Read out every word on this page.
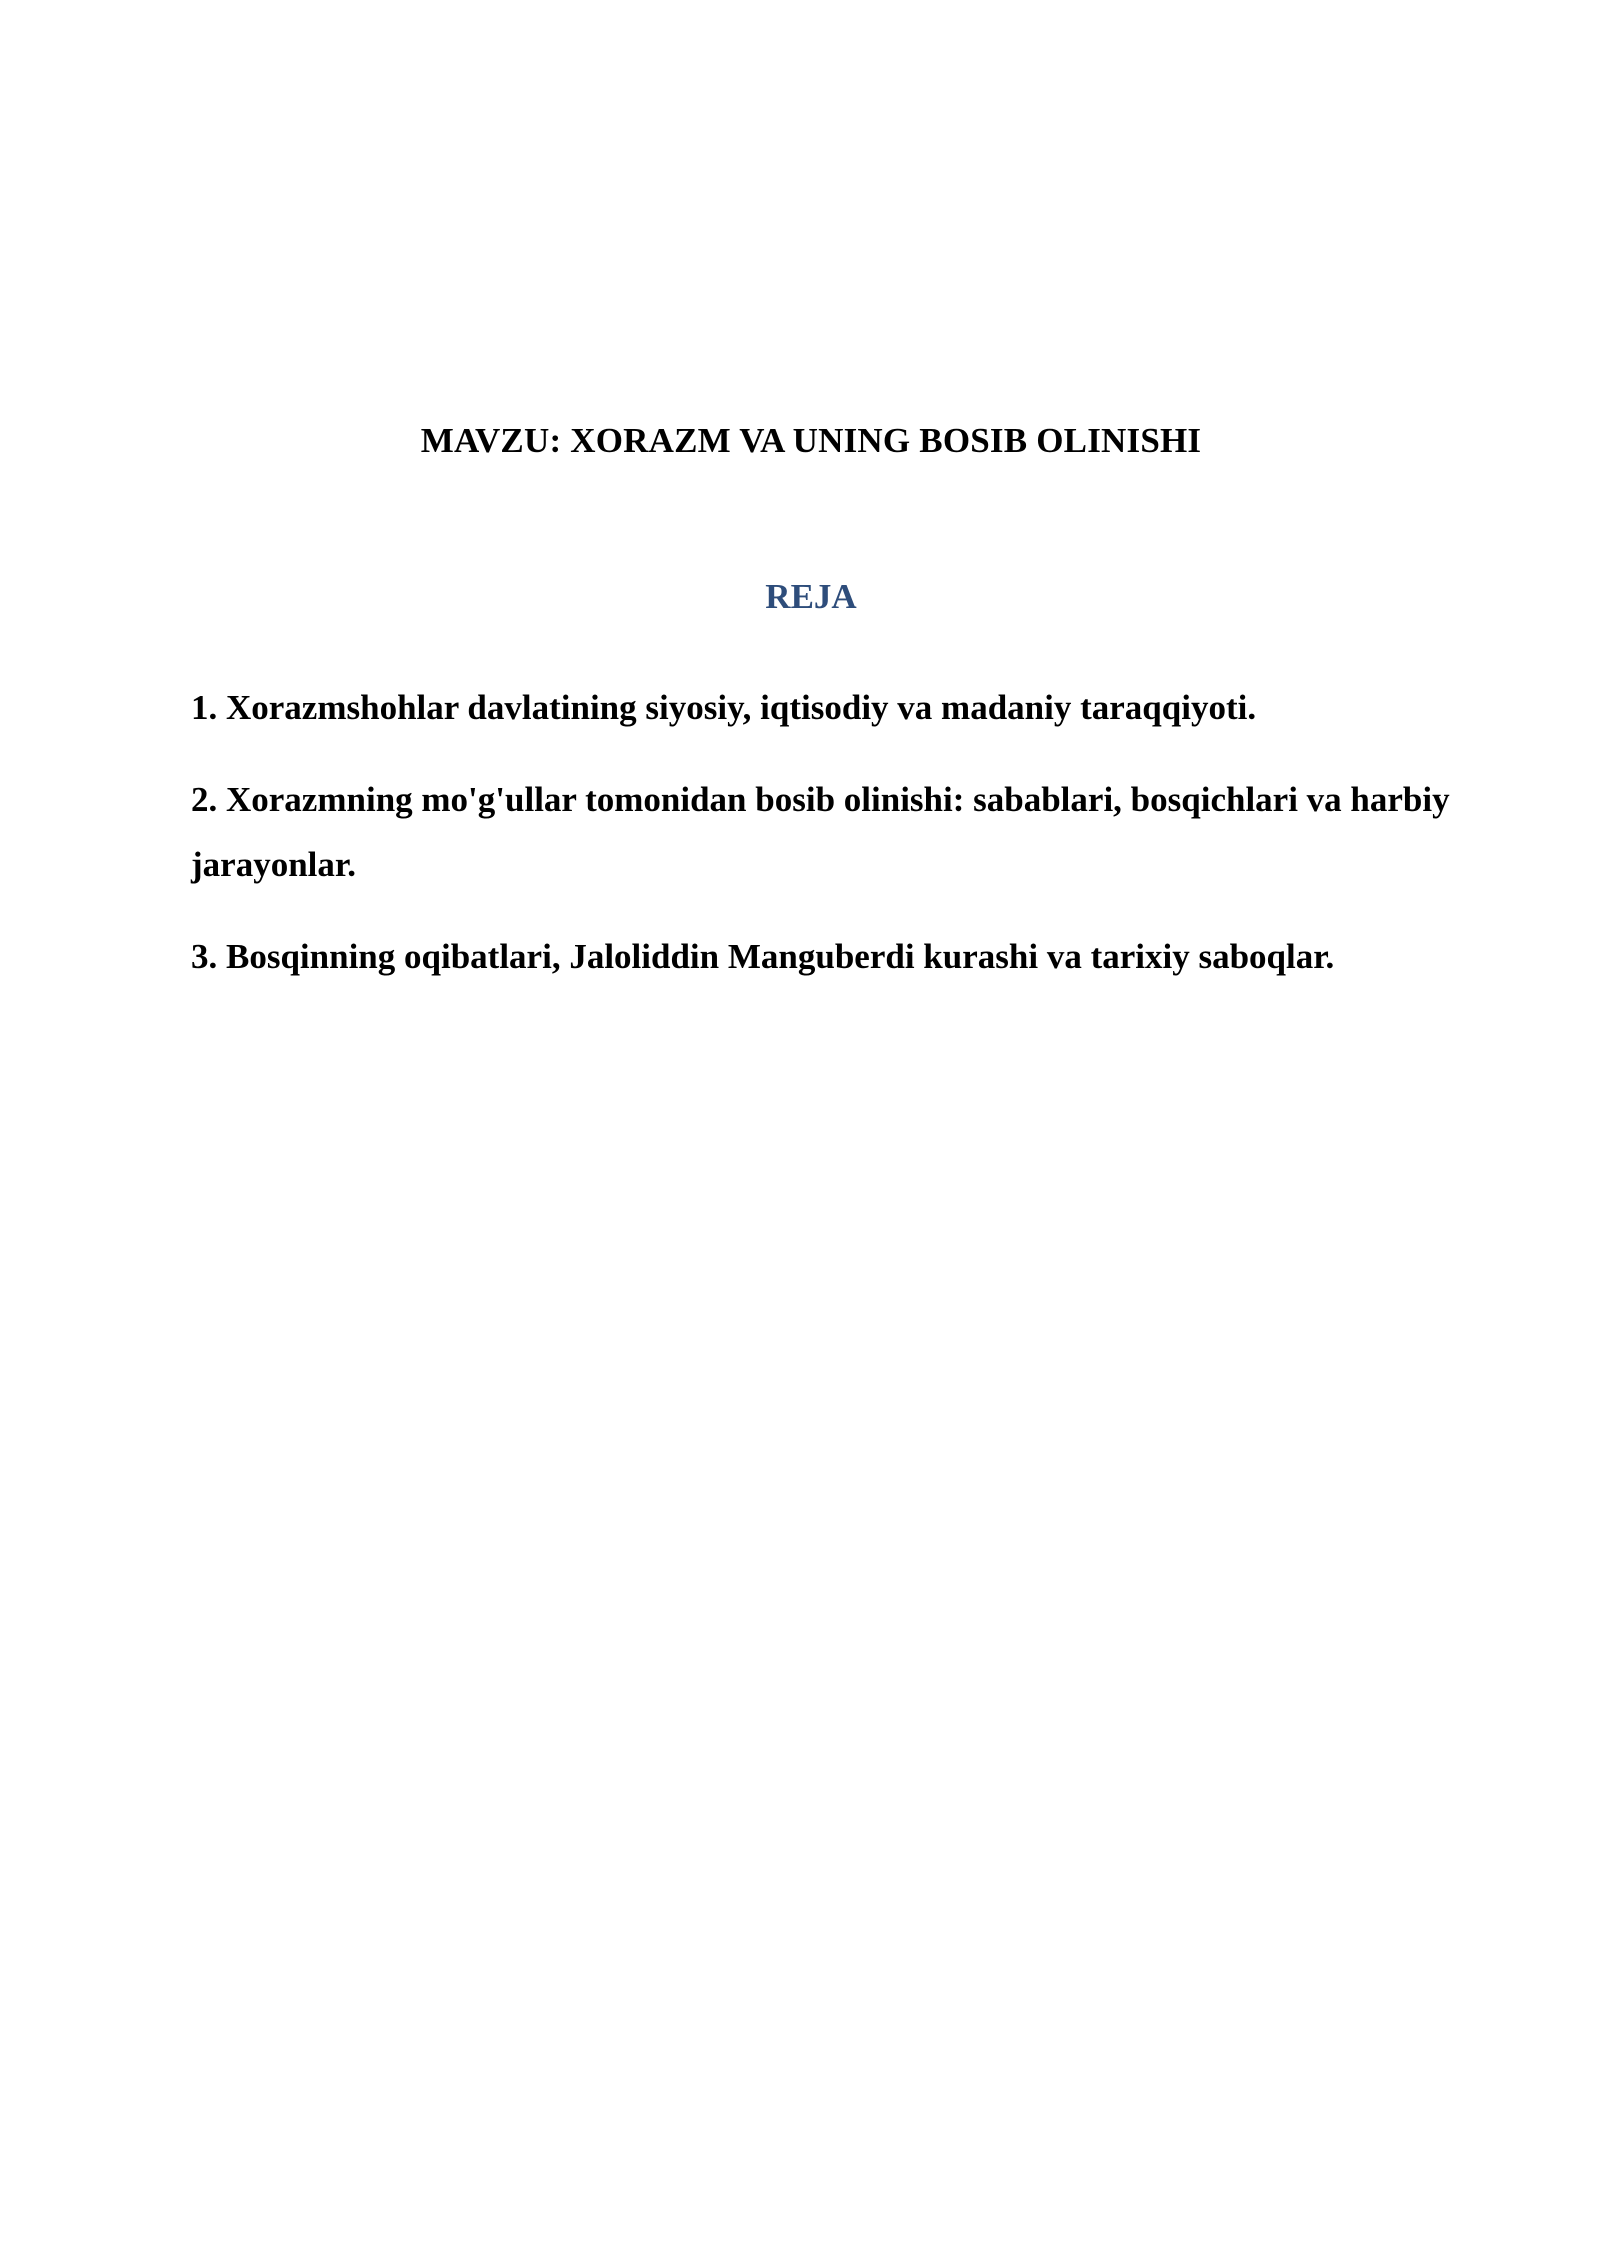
MAVZU: XORAZM VA UNING BOSIB OLINISHI
REJA
1. Xorazmshohlar davlatining siyosiy, iqtisodiy va madaniy taraqqiyoti.
2. Xorazmning mo'g'ullar tomonidan bosib olinishi: sabablari, bosqichlari va harbiy jarayonlar.
3. Bosqinning oqibatlari, Jaloliddin Manguberdi kurashi va tarixiy saboqlar.
